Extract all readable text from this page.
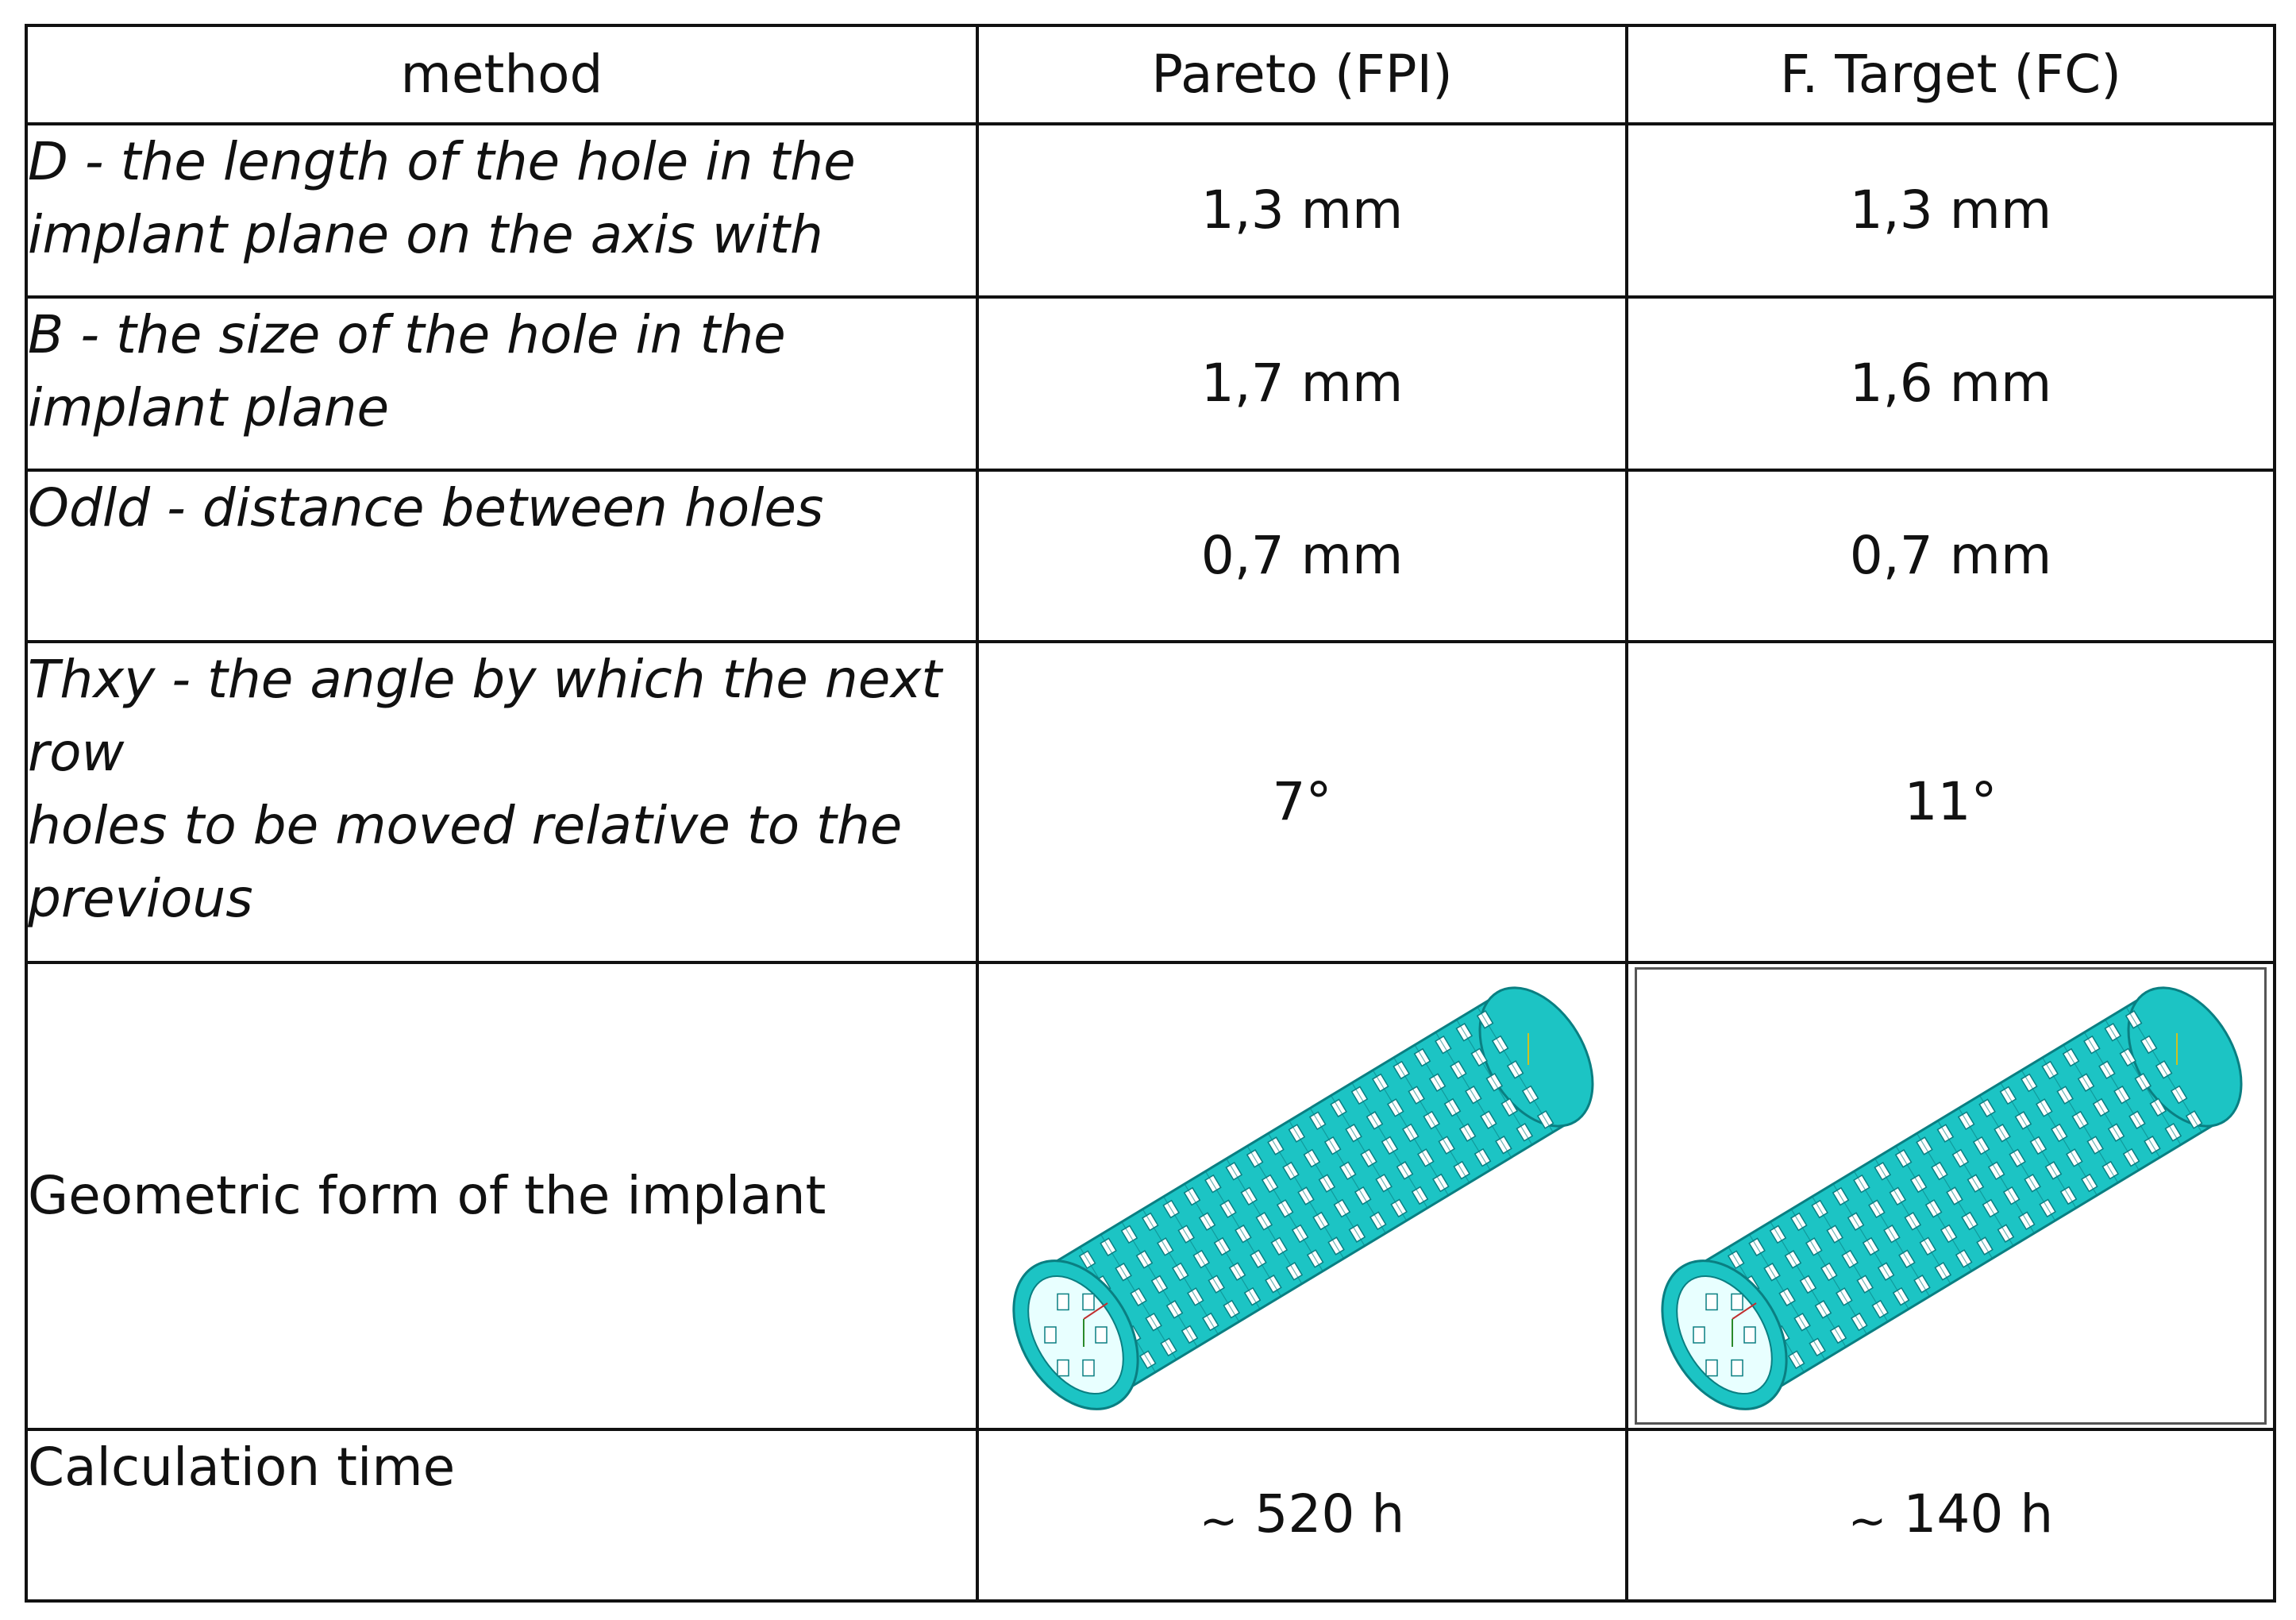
method	Pareto (FPI)	F. Target (FC)

D - the length of the hole in the
implant plane on the axis with	1,3 mm	1,3 mm

B - the size of the hole in the
implant plane	1,7 mm	1,6 mm

Odld - distance between holes	0,7 mm	0,7 mm

Thxy - the angle by which the next
row
holes to be moved relative to the
previous	7°	11°
Geometric form of the implant	

Calculation time	~ 520 h	~ 140 h
